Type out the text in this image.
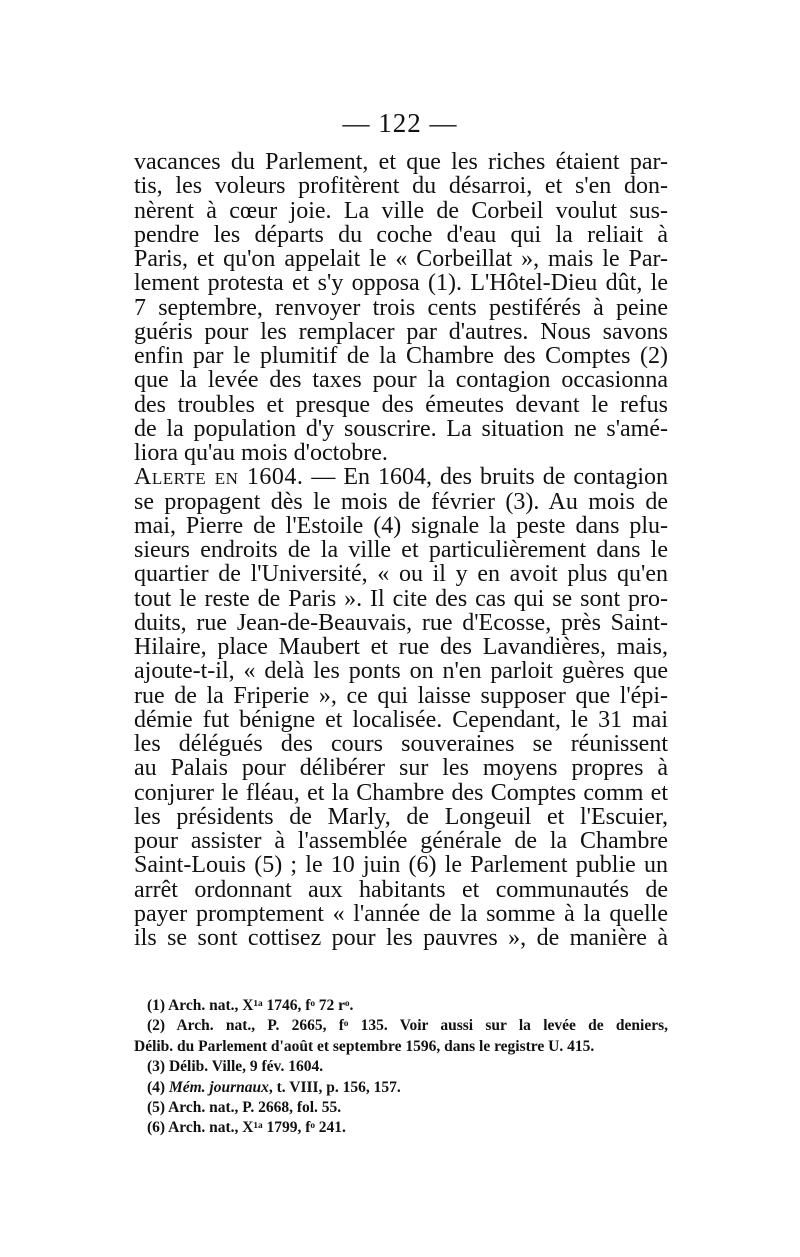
— 122 —
vacances du Parlement, et que les riches étaient par-
tis, les voleurs profitèrent du désarroi, et s'en don-
nèrent à cœur joie. La ville de Corbeil voulut sus-
pendre les départs du coche d'eau qui la reliait à
Paris, et qu'on appelait le « Corbeillat », mais le Par-
lement protesta et s'y opposa (1). L'Hôtel-Dieu dût, le
7 septembre, renvoyer trois cents pestiférés à peine
guéris pour les remplacer par d'autres. Nous savons
enfin par le plumitif de la Chambre des Comptes (2)
que la levée des taxes pour la contagion occasionna
des troubles et presque des émeutes devant le refus
de la population d'y souscrire. La situation ne s'amé-
liora qu'au mois d'octobre.
Alerte en 1604. — En 1604, des bruits de contagion
se propagent dès le mois de février (3). Au mois de
mai, Pierre de l'Estoile (4) signale la peste dans plu-
sieurs endroits de la ville et particulièrement dans le
quartier de l'Université, « ou il y en avoit plus qu'en
tout le reste de Paris ». Il cite des cas qui se sont pro-
duits, rue Jean-de-Beauvais, rue d'Ecosse, près Saint-
Hilaire, place Maubert et rue des Lavandières, mais,
ajoute-t-il, « delà les ponts on n'en parloit guères que
rue de la Friperie », ce qui laisse supposer que l'épi-
démie fut bénigne et localisée. Cependant, le 31 mai
les délégués des cours souveraines se réunissent
au Palais pour délibérer sur les moyens propres à
conjurer le fléau, et la Chambre des Comptes comm et
les présidents de Marly, de Longeuil et l'Escuier,
pour assister à l'assemblée générale de la Chambre
Saint-Louis (5) ; le 10 juin (6) le Parlement publie un
arrêt ordonnant aux habitants et communautés de
payer promptement « l'année de la somme à la quelle
ils se sont cottisez pour les pauvres », de manière à
(1) Arch. nat., X¹ᵃ 1746, fᵒ 72 rᵒ.
(2) Arch. nat., P. 2665, fᵒ 135. Voir aussi sur la levée de deniers,
Délib. du Parlement d'août et septembre 1596, dans le registre U. 415.
(3) Délib. Ville, 9 fév. 1604.
(4) Mém. journaux, t. VIII, p. 156, 157.
(5) Arch. nat., P. 2668, fol. 55.
(6) Arch. nat., X¹ᵃ 1799, fᵒ 241.
